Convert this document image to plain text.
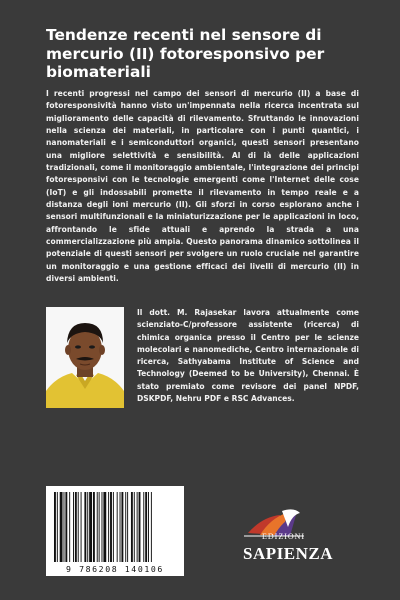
Tendenze recenti nel sensore di mercurio (II) fotoresponsivo per biomateriali

I recenti progressi nel campo dei sensori di mercurio (II) a base di fotoresponsività hanno visto un'impennata nella ricerca incentrata sul miglioramento delle capacità di rilevamento. Sfruttando le innovazioni nella scienza dei materiali, in particolare con i punti quantici, i nanomateriali e i semiconduttori organici, questi sensori presentano una migliore selettività e sensibilità. Al di là delle applicazioni tradizionali, come il monitoraggio ambientale, l'integrazione dei principi fotoresponsivi con le tecnologie emergenti come l'Internet delle cose (IoT) e gli indossabili promette il rilevamento in tempo reale e a distanza degli ioni mercurio (II). Gli sforzi in corso esplorano anche i sensori multifunzionali e la miniaturizzazione per le applicazioni in loco, affrontando le sfide attuali e aprendo la strada a una commercializzazione più ampia. Questo panorama dinamico sottolinea il potenziale di questi sensori per svolgere un ruolo cruciale nel garantire un monitoraggio e una gestione efficaci dei livelli di mercurio (II) in diversi ambienti.

Il dott. M. Rajasekar lavora attualmente come scienziato-C/professore assistente (ricerca) di chimica organica presso il Centro per le scienze molecolari e nanomediche, Centro internazionale di ricerca, Sathyabama Institute of Science and Technology (Deemed to be University), Chennai. È stato premiato come revisore dei panel NPDF, DSKPDF, Nehru PDF e RSC Advances.

9 786208 140106
EDIZIONI
SAPIENZA
